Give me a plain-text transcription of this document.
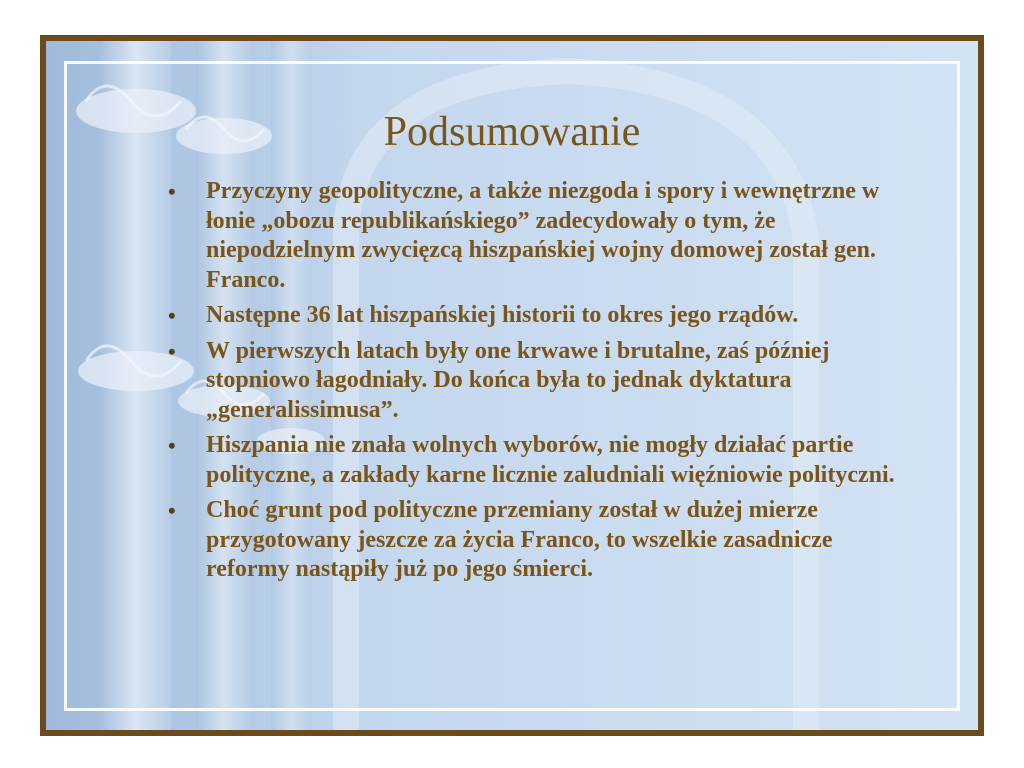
Podsumowanie
• Przyczyny geopolityczne, a także niezgoda i spory i wewnętrzne w łonie „obozu republikańskiego” zadecydowały o tym, że niepodzielnym zwycięzcą hiszpańskiej wojny domowej został gen. Franco.
• Następne 36 lat hiszpańskiej historii to okres jego rządów.
• W pierwszych latach były one krwawe i brutalne, zaś później stopniowo łagodniały. Do końca była to jednak dyktatura „generalissimusa”.
• Hiszpania nie znała wolnych wyborów, nie mogły działać partie polityczne, a zakłady karne licznie zaludniali więźniowie polityczni.
• Choć grunt pod polityczne przemiany został w dużej mierze przygotowany jeszcze za życia Franco, to wszelkie zasadnicze reformy nastąpiły już po jego śmierci.
